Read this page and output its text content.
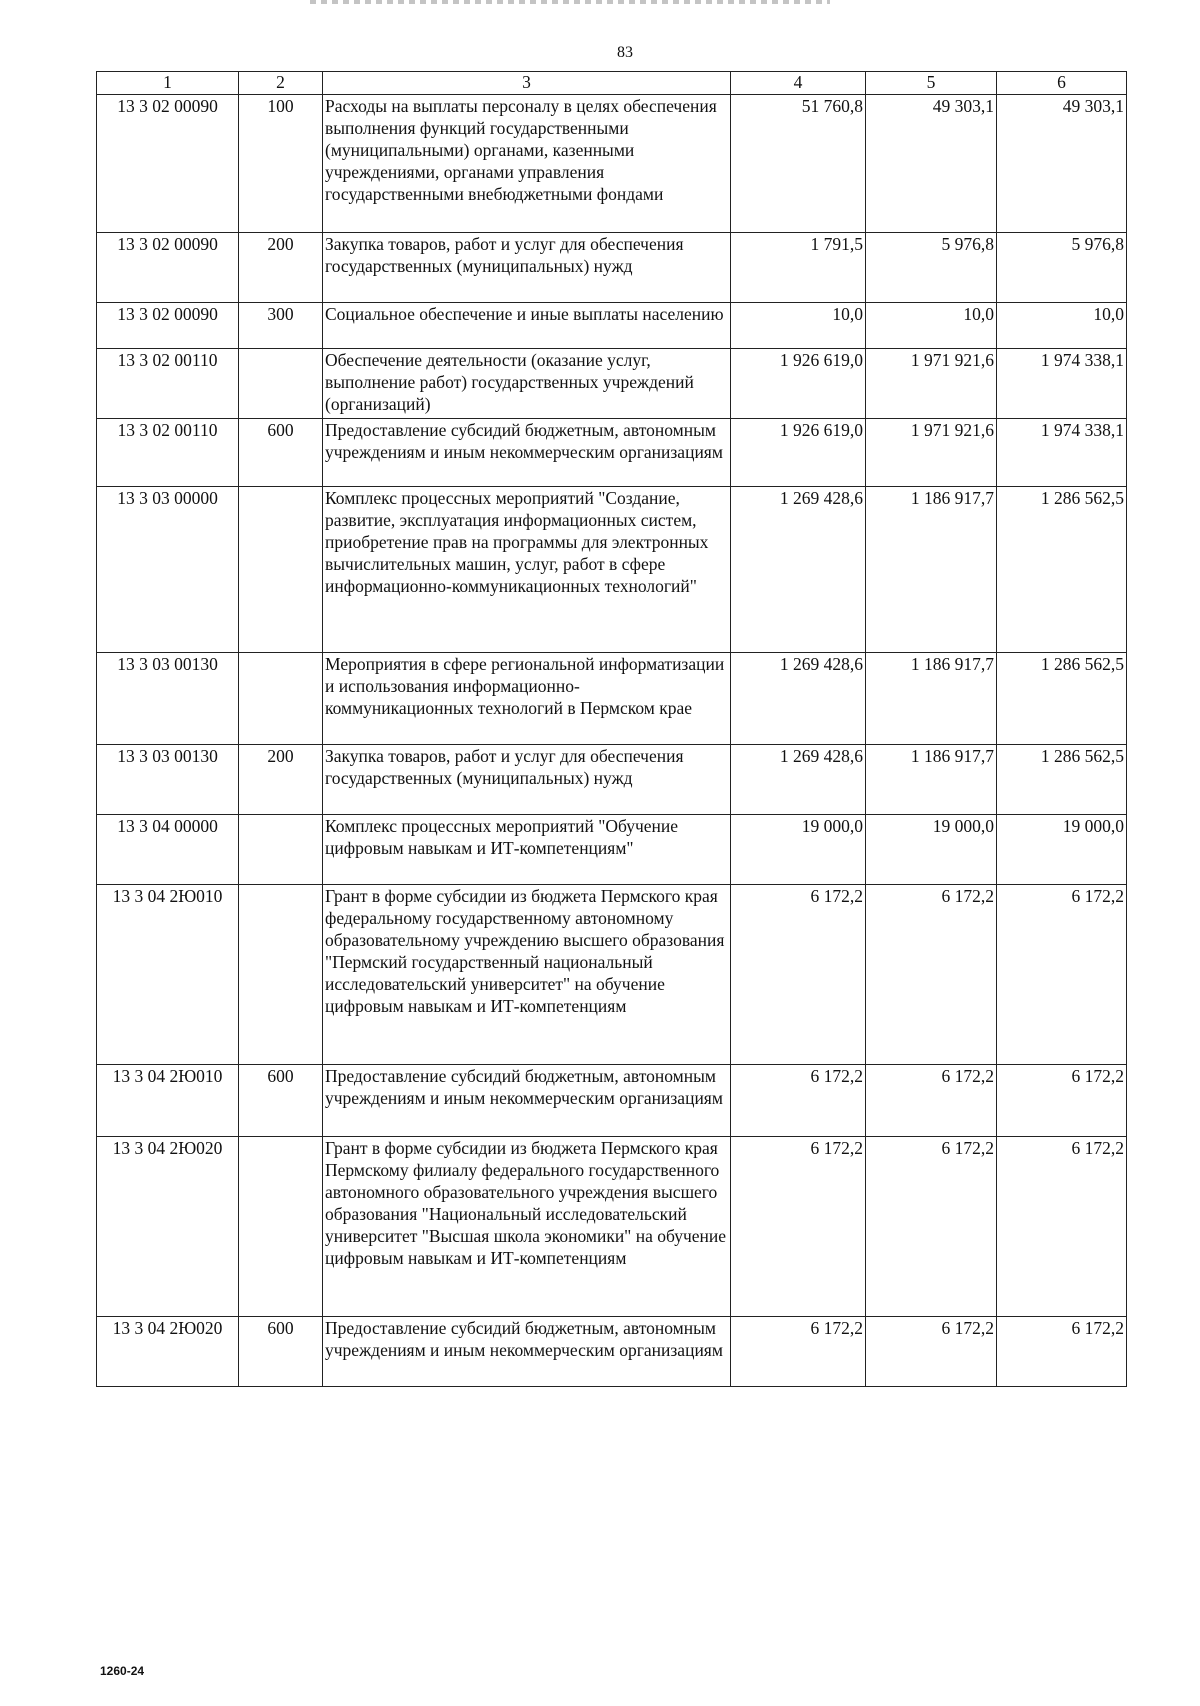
83
1	2	3	4	5	6
13 3 02 00090	100	Расходы на выплаты персоналу в целях обеспечения выполнения функций государственными (муниципальными) органами, казенными учреждениями, органами управления государственными внебюджетными фондами	51 760,8	49 303,1	49 303,1
13 3 02 00090	200	Закупка товаров, работ и услуг для обеспечения государственных (муниципальных) нужд	1 791,5	5 976,8	5 976,8
13 3 02 00090	300	Социальное обеспечение и иные выплаты населению	10,0	10,0	10,0
13 3 02 00110		Обеспечение деятельности (оказание услуг, выполнение работ) государственных учреждений (организаций)	1 926 619,0	1 971 921,6	1 974 338,1
13 3 02 00110	600	Предоставление субсидий бюджетным, автономным учреждениям и иным некоммерческим организациям	1 926 619,0	1 971 921,6	1 974 338,1
13 3 03 00000		Комплекс процессных мероприятий "Создание, развитие, эксплуатация информационных систем, приобретение прав на программы для электронных вычислительных машин, услуг, работ в сфере информационно-коммуникационных технологий"	1 269 428,6	1 186 917,7	1 286 562,5
13 3 03 00130		Мероприятия в сфере региональной информатизации и использования информационно-коммуникационных технологий в Пермском крае	1 269 428,6	1 186 917,7	1 286 562,5
13 3 03 00130	200	Закупка товаров, работ и услуг для обеспечения государственных (муниципальных) нужд	1 269 428,6	1 186 917,7	1 286 562,5
13 3 04 00000		Комплекс процессных мероприятий "Обучение цифровым навыкам и ИТ-компетенциям"	19 000,0	19 000,0	19 000,0
13 3 04 2Ю010		Грант в форме субсидии из бюджета Пермского края федеральному государственному автономному образовательному учреждению высшего образования "Пермский государственный национальный исследовательский университет" на обучение цифровым навыкам и ИТ-компетенциям	6 172,2	6 172,2	6 172,2
13 3 04 2Ю010	600	Предоставление субсидий бюджетным, автономным учреждениям и иным некоммерческим организациям	6 172,2	6 172,2	6 172,2
13 3 04 2Ю020		Грант в форме субсидии из бюджета Пермского края Пермскому филиалу федерального государственного автономного образовательного учреждения высшего образования "Национальный исследовательский университет "Высшая школа экономики" на обучение цифровым навыкам и ИТ-компетенциям	6 172,2	6 172,2	6 172,2
13 3 04 2Ю020	600	Предоставление субсидий бюджетным, автономным учреждениям и иным некоммерческим организациям	6 172,2	6 172,2	6 172,2
1260-24
